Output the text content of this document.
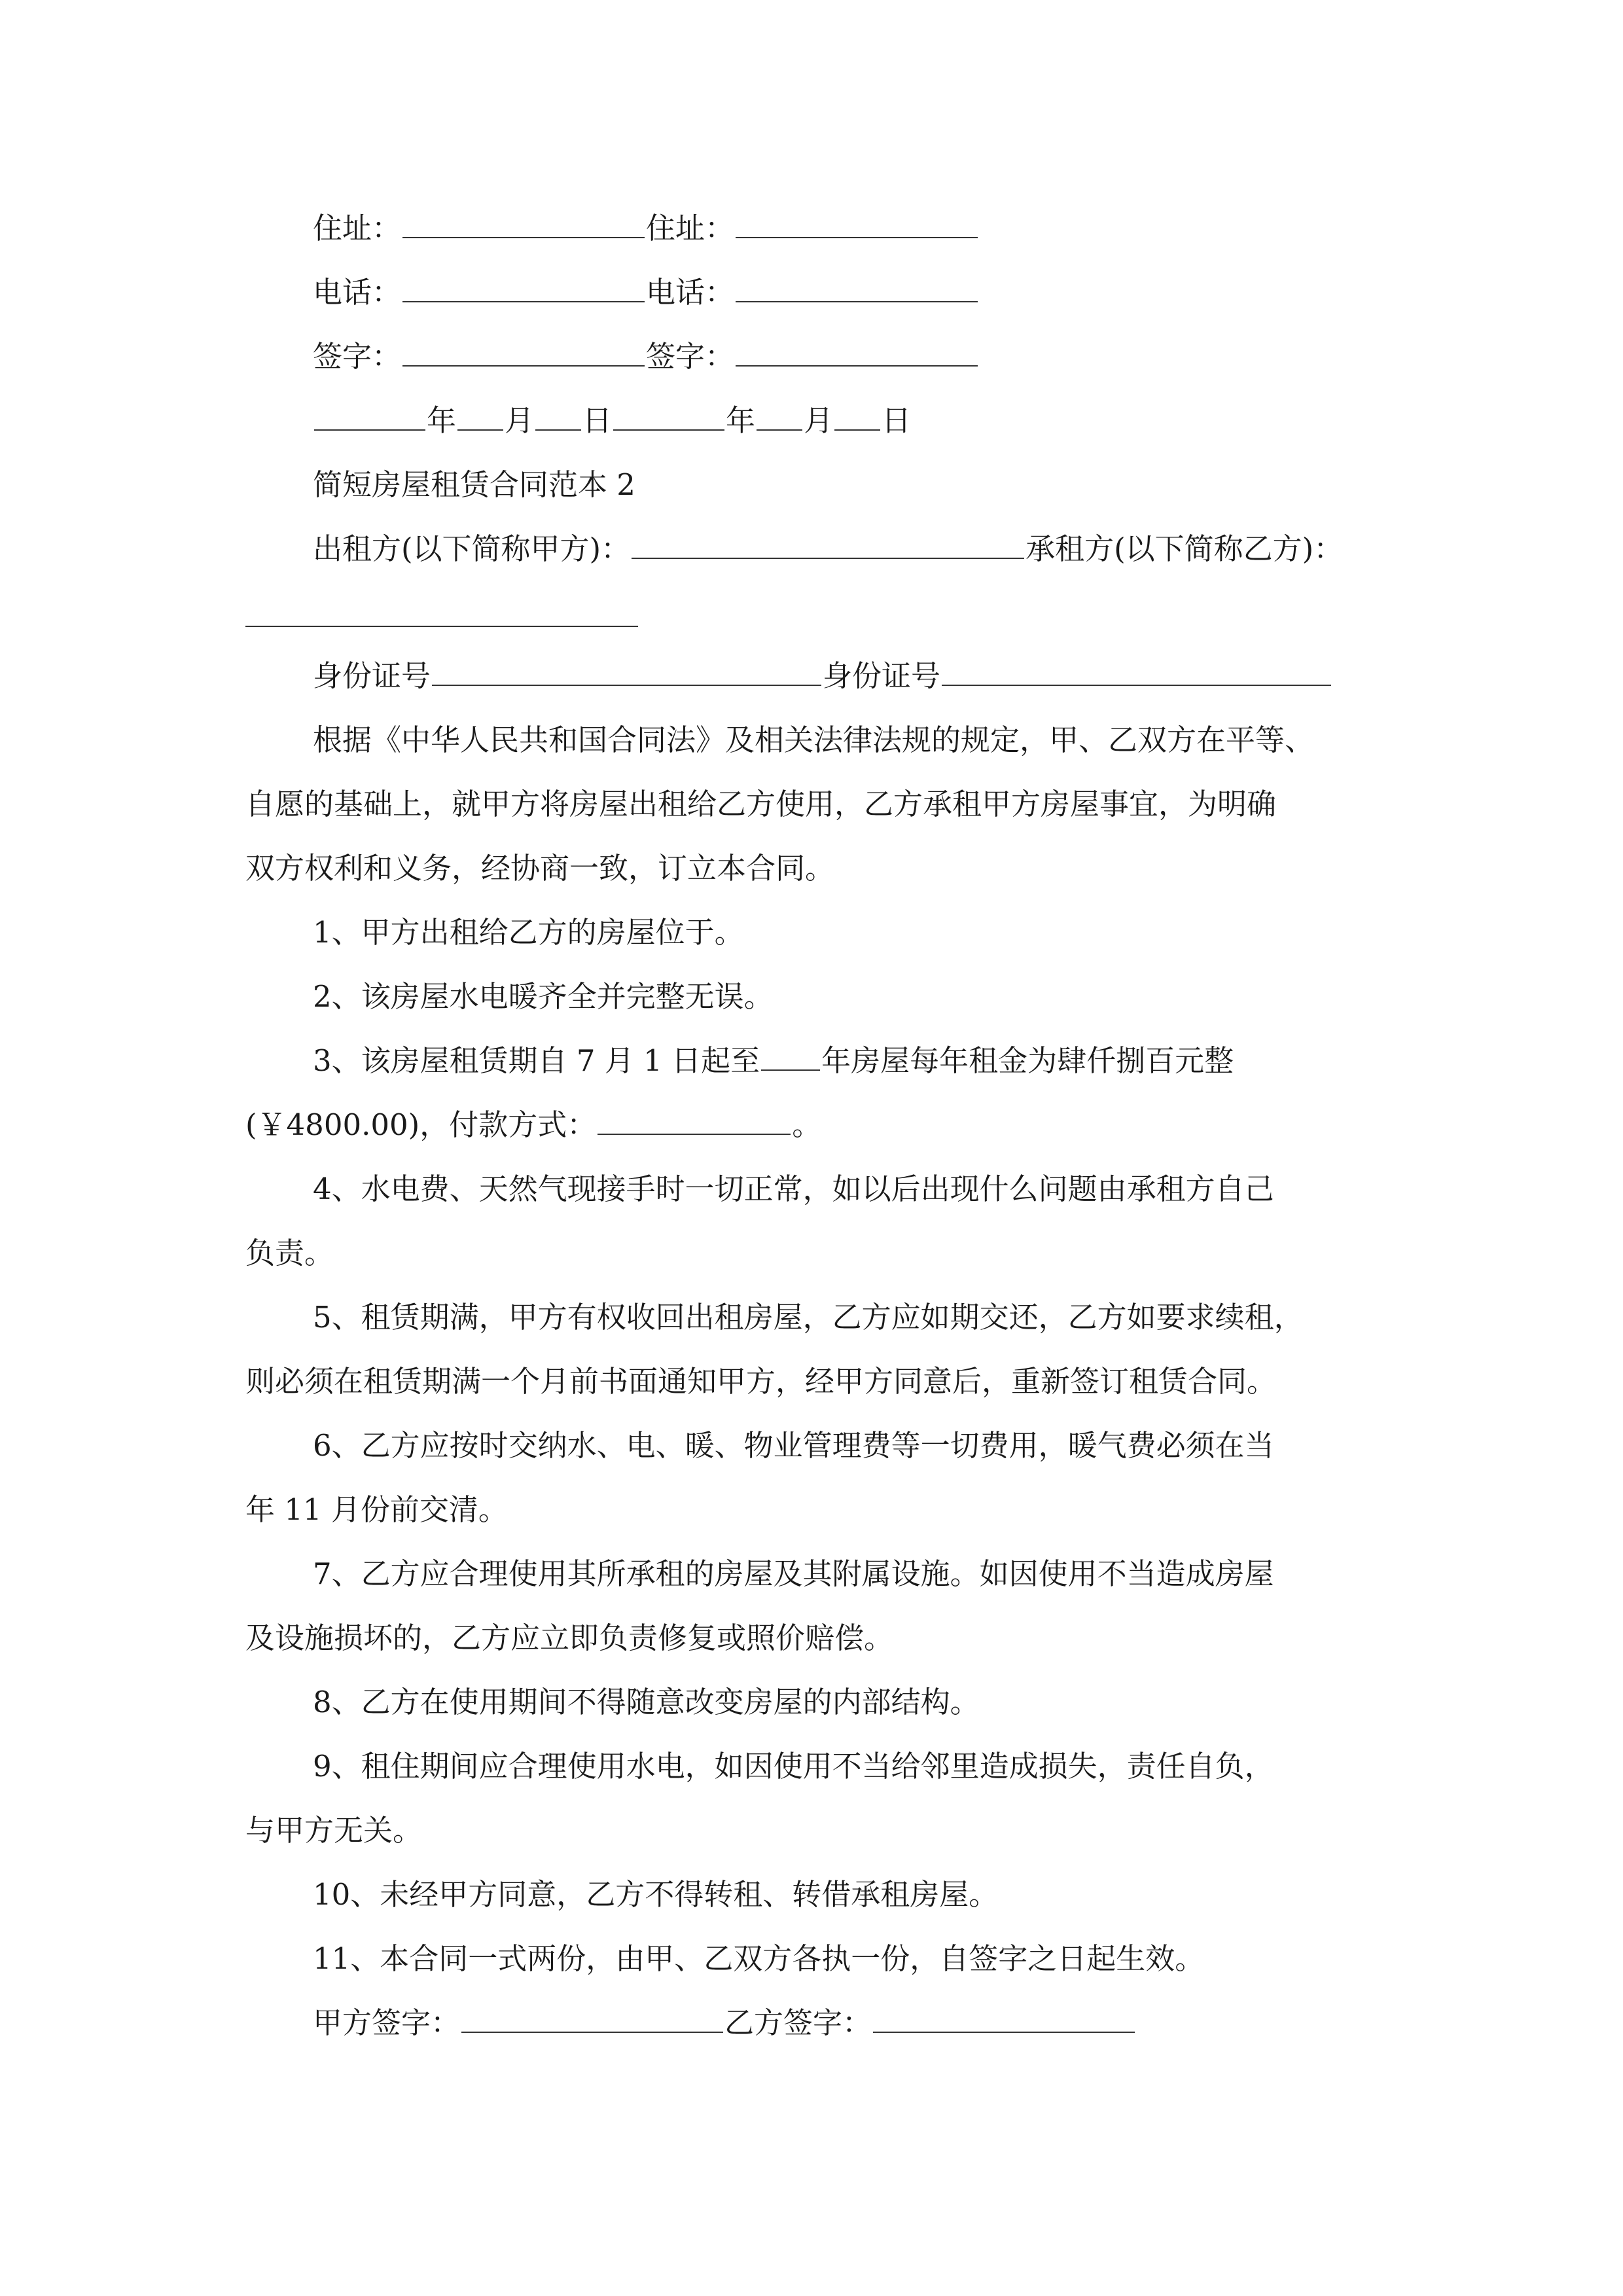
住址：	住址：
电话：	电话：
签字：	签字：
年 月 日	年 月 日
简短房屋租赁合同范本 2
出租方(以下简称甲方)：	承租方(以下简称乙方)：
身份证号	身份证号
根据《中华人民共和国合同法》及相关法律法规的规定，甲、乙双方在平等、
自愿的基础上，就甲方将房屋出租给乙方使用，乙方承租甲方房屋事宜，为明确
双方权利和义务，经协商一致，订立本合同。
1、甲方出租给乙方的房屋位于。
2、该房屋水电暖齐全并完整无误。
3、该房屋租赁期自 7 月 1 日起至 年房屋每年租金为肆仟捌百元整
(￥4800.00)，付款方式：	。
4、水电费、天然气现接手时一切正常，如以后出现什么问题由承租方自己
负责。
5、租赁期满，甲方有权收回出租房屋，乙方应如期交还，乙方如要求续租，
则必须在租赁期满一个月前书面通知甲方，经甲方同意后，重新签订租赁合同。
6、乙方应按时交纳水、电、暖、物业管理费等一切费用，暖气费必须在当
年 11 月份前交清。
7、乙方应合理使用其所承租的房屋及其附属设施。如因使用不当造成房屋
及设施损坏的，乙方应立即负责修复或照价赔偿。
8、乙方在使用期间不得随意改变房屋的内部结构。
9、租住期间应合理使用水电，如因使用不当给邻里造成损失，责任自负，
与甲方无关。
10、未经甲方同意，乙方不得转租、转借承租房屋。
11、本合同一式两份，由甲、乙双方各执一份，自签字之日起生效。
甲方签字：	乙方签字：
